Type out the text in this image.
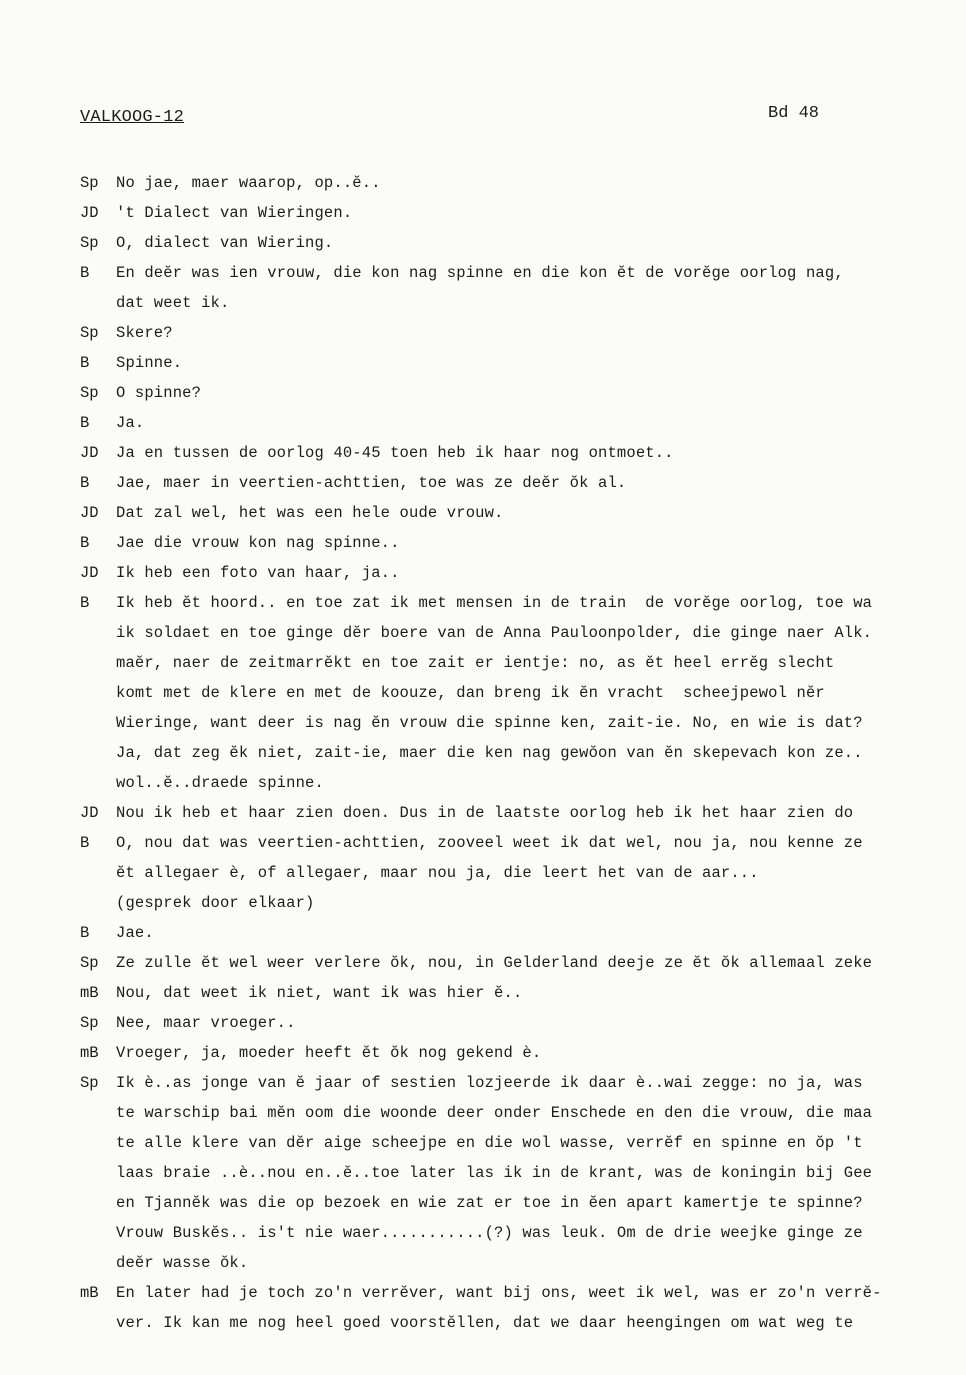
VALKOOG-12	Bd 48
Sp	No jae, maer waarop, op..ĕ..
JD	't Dialect van Wieringen.
Sp	O, dialect van Wiering.
B	En deĕr was ien vrouw, die kon nag spinne en die kon ĕt de vorĕge oorlog nag,
dat weet ik.
Sp	Skere?
B	Spinne.
Sp	O spinne?
B	Ja.
JD	Ja en tussen de oorlog 40-45 toen heb ik haar nog ontmoet..
B	Jae, maer in veertien-achttien, toe was ze deĕr ŏk al.
JD	Dat zal wel, het was een hele oude vrouw.
B	Jae die vrouw kon nag spinne..
JD	Ik heb een foto van haar, ja..
B	Ik heb ĕt hoord.. en toe zat ik met mensen in de train  de vorĕge oorlog, toe wa
ik soldaet en toe ginge dĕr boere van de Anna Pauloonpolder, die ginge naer Alk.
maĕr, naer de zeitmarrĕkt en toe zait er ientje: no, as ĕt heel errĕg slecht
komt met de klere en met de koouze, dan breng ik ĕn vracht  scheejpewol nĕr
Wieringe, want deer is nag ĕn vrouw die spinne ken, zait-ie. No, en wie is dat?
Ja, dat zeg ĕk niet, zait-ie, maer die ken nag gewŏon van ĕn skepevach kon ze..
wol..ĕ..draede spinne.
JD	Nou ik heb et haar zien doen. Dus in de laatste oorlog heb ik het haar zien do
B	O, nou dat was veertien-achttien, zooveel weet ik dat wel, nou ja, nou kenne ze
ĕt allegaer è, of allegaer, maar nou ja, die leert het van de aar...
(gesprek door elkaar)
B	Jae.
Sp	Ze zulle ĕt wel weer verlere ŏk, nou, in Gelderland deeje ze ĕt ŏk allemaal zeke
mB	Nou, dat weet ik niet, want ik was hier ĕ..
Sp	Nee, maar vroeger..
mB	Vroeger, ja, moeder heeft ĕt ŏk nog gekend è.
Sp	Ik è..as jonge van ĕ jaar of sestien lozjeerde ik daar è..wai zegge: no ja, was
te warschip bai mĕn oom die woonde deer onder Enschede en den die vrouw, die maa
te alle klere van dĕr aige scheejpe en die wol wasse, verrĕf en spinne en ŏp 't
laas braie ..è..nou en..ĕ..toe later las ik in de krant, was de koningin bij Gee
en Tjannĕk was die op bezoek en wie zat er toe in ĕen apart kamertje te spinne?
Vrouw Buskĕs.. is't nie waer...........(?) was leuk. Om de drie weejke ginge ze
deĕr wasse ŏk.
mB	En later had je toch zo'n verrĕver, want bij ons, weet ik wel, was er zo'n verrĕ-
ver. Ik kan me nog heel goed voorstĕllen, dat we daar heengingen om wat weg te
